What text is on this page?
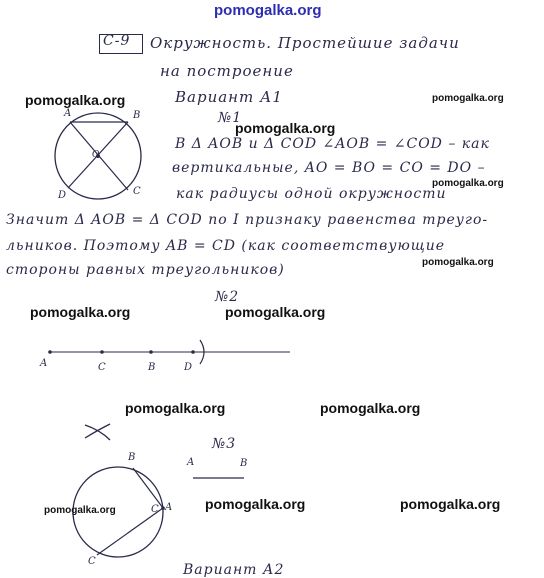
pomogalka.org
С-9 Окружность. Простейшие задачи
на построение
pomogalka.org	Вариант А1	pomogalka.org
№1
pomogalka.org
A	B
C
D
O
В Δ AOB и Δ COD ∠AOB = ∠COD – как
вертикальные, AO = BO = CO = DO –
pomogalka.org
как радиусы одной окружности
Значит Δ AOB = Δ COD по I признаку равенства треуго-
льников. Поэтому AB = CD (как соответствующие
pomogalka.org
стороны равных треугольников)
№2
pomogalka.org	pomogalka.org
A	C	B	D
pomogalka.org	pomogalka.org
№3
A	B
B
A
C
C
pomogalka.org	pomogalka.org	pomogalka.org
Вариант А2
